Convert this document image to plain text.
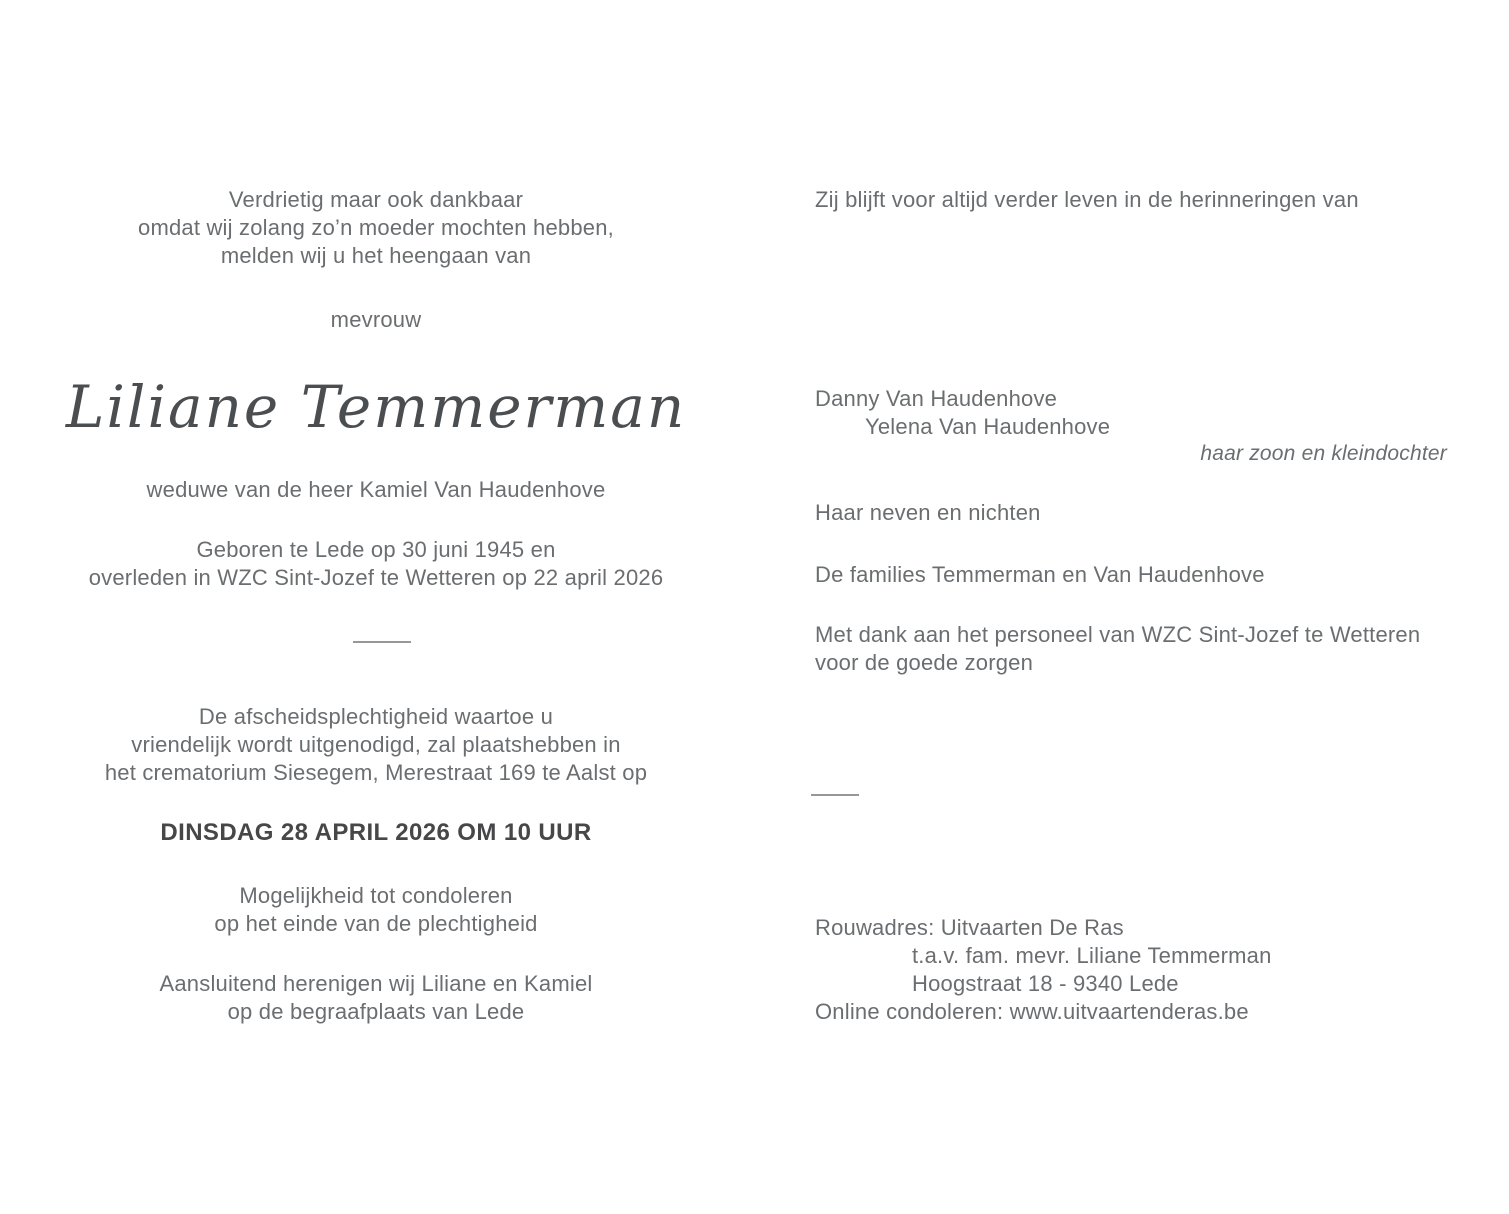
Verdrietig maar ook dankbaar
omdat wij zolang zo’n moeder mochten hebben,
melden wij u het heengaan van
mevrouw
Liliane Temmerman
weduwe van de heer Kamiel Van Haudenhove
Geboren te Lede op 30 juni 1945 en
overleden in WZC Sint-Jozef te Wetteren op 22 april 2026
De afscheidsplechtigheid waartoe u
vriendelijk wordt uitgenodigd, zal plaatshebben in
het crematorium Siesegem, Merestraat 169 te Aalst op
DINSDAG 28 APRIL 2026 OM 10 UUR
Mogelijkheid tot condoleren
op het einde van de plechtigheid
Aansluitend herenigen wij Liliane en Kamiel
op de begraafplaats van Lede
Zij blijft voor altijd verder leven in de herinneringen van
Danny Van Haudenhove
Yelena Van Haudenhove
haar zoon en kleindochter
Haar neven en nichten
De families Temmerman en Van Haudenhove
Met dank aan het personeel van WZC Sint-Jozef te Wetteren
voor de goede zorgen
Rouwadres: Uitvaarten De Ras
t.a.v. fam. mevr. Liliane Temmerman
Hoogstraat 18 - 9340 Lede
Online condoleren: www.uitvaartenderas.be
